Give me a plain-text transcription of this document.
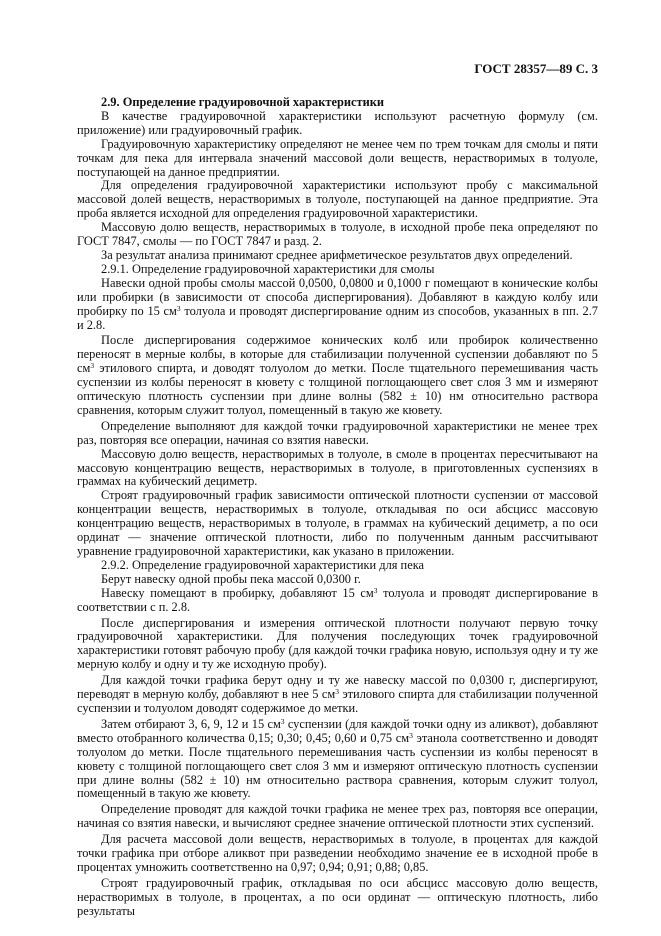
ГОСТ 28357—89 С. 3

2.9. Определение градуировочной характеристики

В качестве градуировочной характеристики используют расчетную формулу (см. приложение) или градуировочный график.

Градуировочную характеристику определяют не менее чем по трем точкам для смолы и пяти точкам для пека для интервала значений массовой доли веществ, нерастворимых в толуоле, поступающей на данное предприятии.

Для определения градуировочной характеристики используют пробу с максимальной массовой долей веществ, нерастворимых в толуоле, поступающей на данное предприятие. Эта проба является исходной для определения градуировочной характеристики.

Массовую долю веществ, нерастворимых в толуоле, в исходной пробе пека определяют по ГОСТ 7847, смолы — по ГОСТ 7847 и разд. 2.

За результат анализа принимают среднее арифметическое результатов двух определений.

2.9.1. Определение градуировочной характеристики для смолы

Навески одной пробы смолы массой 0,0500, 0,0800 и 0,1000 г помещают в конические колбы или пробирки (в зависимости от способа диспергирования). Добавляют в каждую колбу или пробирку по 15 $см^3$ толуола и проводят диспергирование одним из способов, указанных в пп. 2.7 и 2.8.

После диспергирования содержимое конических колб или пробирок количественно переносят в мерные колбы, в которые для стабилизации полученной суспензии добавляют по 5 $см^3$ этилового спирта, и доводят толуолом до метки. После тщательного перемешивания часть суспензии из колбы переносят в кювету с толщиной поглощающего свет слоя 3 мм и измеряют оптическую плотность суспензии при длине волны (582 ± 10) нм относительно раствора сравнения, которым служит толуол, помещенный в такую же кювету.

Определение выполняют для каждой точки градуировочной характеристики не менее трех раз, повторяя все операции, начиная со взятия навески.

Массовую долю веществ, нерастворимых в толуоле, в смоле в процентах пересчитывают на массовую концентрацию веществ, нерастворимых в толуоле, в приготовленных суспензиях в граммах на кубический дециметр.

Строят градуировочный график зависимости оптической плотности суспензии от массовой концентрации веществ, нерастворимых в толуоле, откладывая по оси абсцисс массовую концентрацию веществ, нерастворимых в толуоле, в граммах на кубический дециметр, а по оси ординат — значение оптической плотности, либо по полученным данным рассчитывают уравнение градуировочной характеристики, как указано в приложении.

2.9.2. Определение градуировочной характеристики для пека

Берут навеску одной пробы пека массой 0,0300 г.

Навеску помещают в пробирку, добавляют 15 $см^3$ толуола и проводят диспергирование в соответствии с п. 2.8.

После диспергирования и измерения оптической плотности получают первую точку градуировочной характеристики. Для получения последующих точек градуировочной характеристики готовят рабочую пробу (для каждой точки графика новую, используя одну и ту же мерную колбу и одну и ту же исходную пробу).

Для каждой точки графика берут одну и ту же навеску массой по 0,0300 г, диспергируют, переводят в мерную колбу, добавляют в нее 5 $см^3$ этилового спирта для стабилизации полученной суспензии и толуолом доводят содержимое до метки.

Затем отбирают 3, 6, 9, 12 и 15 $см^3$ суспензии (для каждой точки одну из аликвот), добавляют вместо отобранного количества 0,15; 0,30; 0,45; 0,60 и 0,75 $см^3$ этанола соответственно и доводят толуолом до метки. После тщательного перемешивания часть суспензии из колбы переносят в кювету с толщиной поглощающего свет слоя 3 мм и измеряют оптическую плотность суспензии при длине волны (582 ± 10) нм относительно раствора сравнения, которым служит толуол, помещенный в такую же кювету.

Определение проводят для каждой точки графика не менее трех раз, повторяя все операции, начиная со взятия навески, и вычисляют среднее значение оптической плотности этих суспензий.

Для расчета массовой доли веществ, нерастворимых в толуоле, в процентах для каждой точки графика при отборе аликвот при разведении необходимо значение ее в исходной пробе в процентах умножить соответственно на 0,97; 0,94; 0,91; 0,88; 0,85.

Строят градуировочный график, откладывая по оси абсцисс массовую долю веществ, нерастворимых в толуоле, в процентах, а по оси ординат — оптическую плотность, либо результаты
